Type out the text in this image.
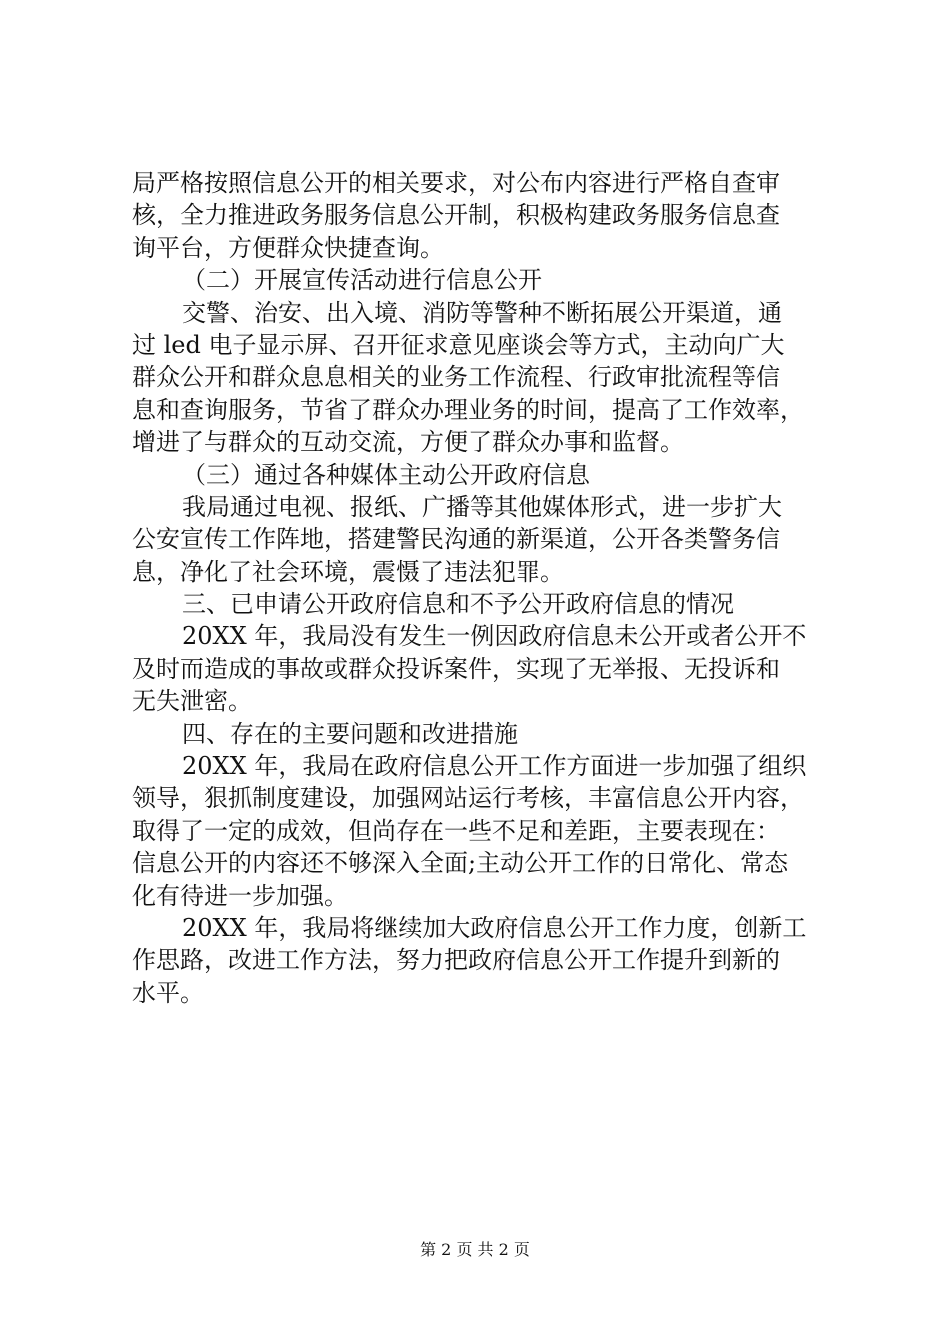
局严格按照信息公开的相关要求，对公布内容进行严格自查审
核，全力推进政务服务信息公开制，积极构建政务服务信息查
询平台，方便群众快捷查询。
（二）开展宣传活动进行信息公开
交警、治安、出入境、消防等警种不断拓展公开渠道，通
过 led 电子显示屏、召开征求意见座谈会等方式，主动向广大
群众公开和群众息息相关的业务工作流程、行政审批流程等信
息和查询服务，节省了群众办理业务的时间，提高了工作效率，
增进了与群众的互动交流，方便了群众办事和监督。
（三）通过各种媒体主动公开政府信息
我局通过电视、报纸、广播等其他媒体形式，进一步扩大
公安宣传工作阵地，搭建警民沟通的新渠道，公开各类警务信
息，净化了社会环境，震慑了违法犯罪。
三、已申请公开政府信息和不予公开政府信息的情况
20XX 年，我局没有发生一例因政府信息未公开或者公开不
及时而造成的事故或群众投诉案件，实现了无举报、无投诉和
无失泄密。
四、存在的主要问题和改进措施
20XX 年，我局在政府信息公开工作方面进一步加强了组织
领导，狠抓制度建设，加强网站运行考核，丰富信息公开内容，
取得了一定的成效，但尚存在一些不足和差距，主要表现在：
信息公开的内容还不够深入全面;主动公开工作的日常化、常态
化有待进一步加强。
20XX 年，我局将继续加大政府信息公开工作力度，创新工
作思路，改进工作方法，努力把政府信息公开工作提升到新的
水平。
第 2 页 共 2 页
